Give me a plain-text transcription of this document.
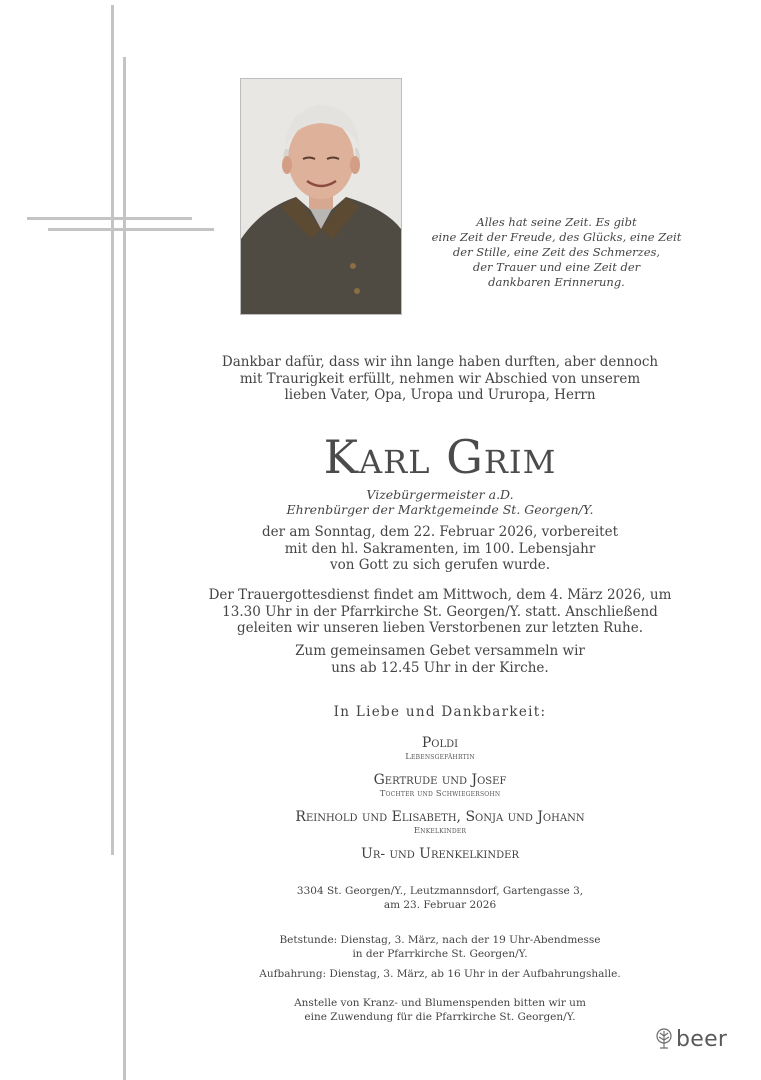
Alles hat seine Zeit. Es gibt
eine Zeit der Freude, des Glücks, eine Zeit
der Stille, eine Zeit des Schmerzes,
der Trauer und eine Zeit der
dankbaren Erinnerung.
Dankbar dafür, dass wir ihn lange haben durften, aber dennoch
mit Traurigkeit erfüllt, nehmen wir Abschied von unserem
lieben Vater, Opa, Uropa und Ururopa, Herrn
Karl Grim
Vizebürgermeister a.D.
Ehrenbürger der Marktgemeinde St. Georgen/Y.
der am Sonntag, dem 22. Februar 2026, vorbereitet
mit den hl. Sakramenten, im 100. Lebensjahr
von Gott zu sich gerufen wurde.
Der Trauergottesdienst findet am Mittwoch, dem 4. März 2026, um
13.30 Uhr in der Pfarrkirche St. Georgen/Y. statt. Anschließend
geleiten wir unseren lieben Verstorbenen zur letzten Ruhe.
Zum gemeinsamen Gebet versammeln wir
uns ab 12.45 Uhr in der Kirche.
In Liebe und Dankbarkeit:
Poldi
Lebensgefährtin
Gertrude und Josef
Tochter und Schwiegersohn
Reinhold und Elisabeth, Sonja und Johann
Enkelkinder
Ur- und Urenkelkinder
3304 St. Georgen/Y., Leutzmannsdorf, Gartengasse 3,
am 23. Februar 2026
Betstunde: Dienstag, 3. März, nach der 19 Uhr-Abendmesse
in der Pfarrkirche St. Georgen/Y.
Aufbahrung: Dienstag, 3. März, ab 16 Uhr in der Aufbahrungshalle.
Anstelle von Kranz- und Blumenspenden bitten wir um
eine Zuwendung für die Pfarrkirche St. Georgen/Y.
beer
